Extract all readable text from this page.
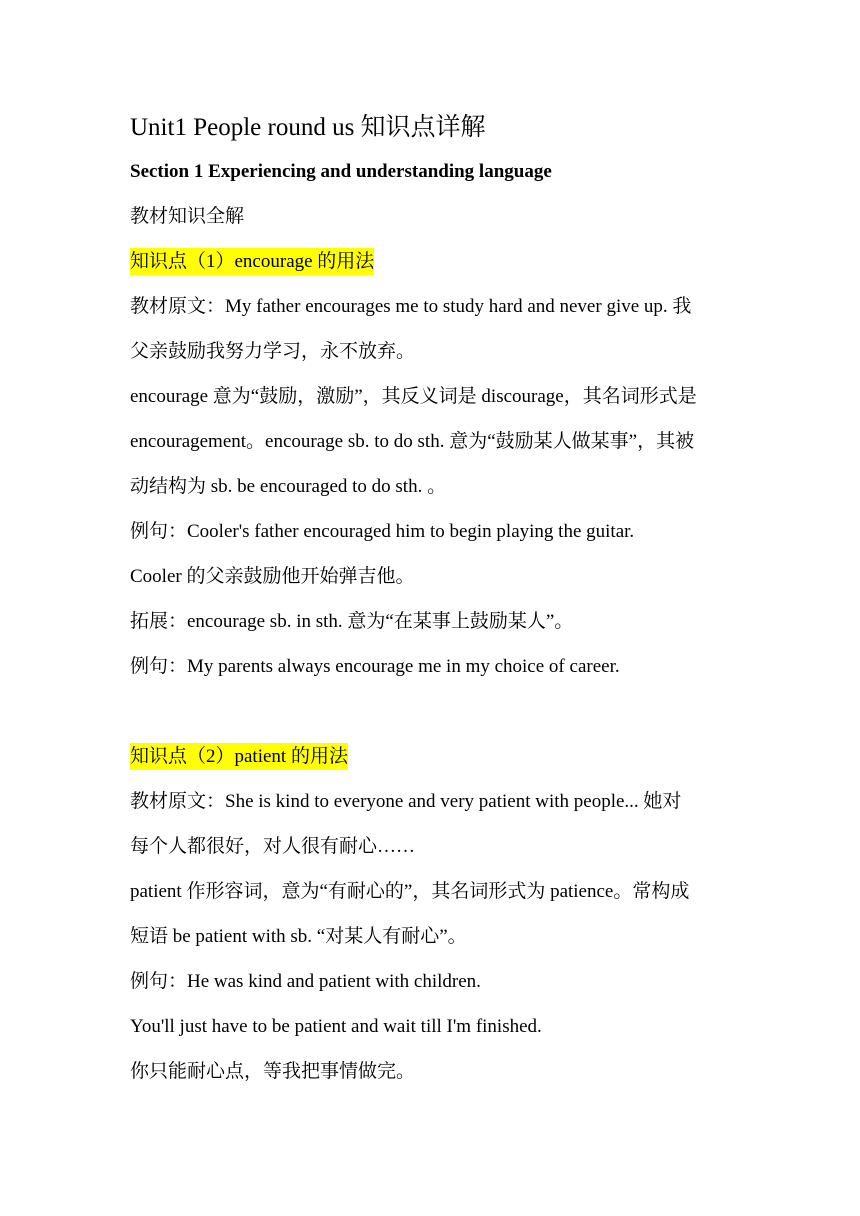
Unit1 People round us 知识点详解
Section 1 Experiencing and understanding language
教材知识全解
知识点（1）encourage 的用法
教材原文：My father encourages me to study hard and never give up. 我
父亲鼓励我努力学习，永不放弃。
encourage 意为“鼓励，激励”，其反义词是 discourage，其名词形式是
encouragement。encourage sb. to do sth. 意为“鼓励某人做某事”，其被
动结构为 sb. be encouraged to do sth. 。
例句：Cooler's father encouraged him to begin playing the guitar.
Cooler 的父亲鼓励他开始弹吉他。
拓展：encourage sb. in sth. 意为“在某事上鼓励某人”。
例句：My parents always encourage me in my choice of career.
知识点（2）patient 的用法
教材原文：She is kind to everyone and very patient with people... 她对
每个人都很好，对人很有耐心……
patient 作形容词，意为“有耐心的”，其名词形式为 patience。常构成
短语 be patient with sb. “对某人有耐心”。
例句：He was kind and patient with children.
You'll just have to be patient and wait till I'm finished.
你只能耐心点，等我把事情做完。
